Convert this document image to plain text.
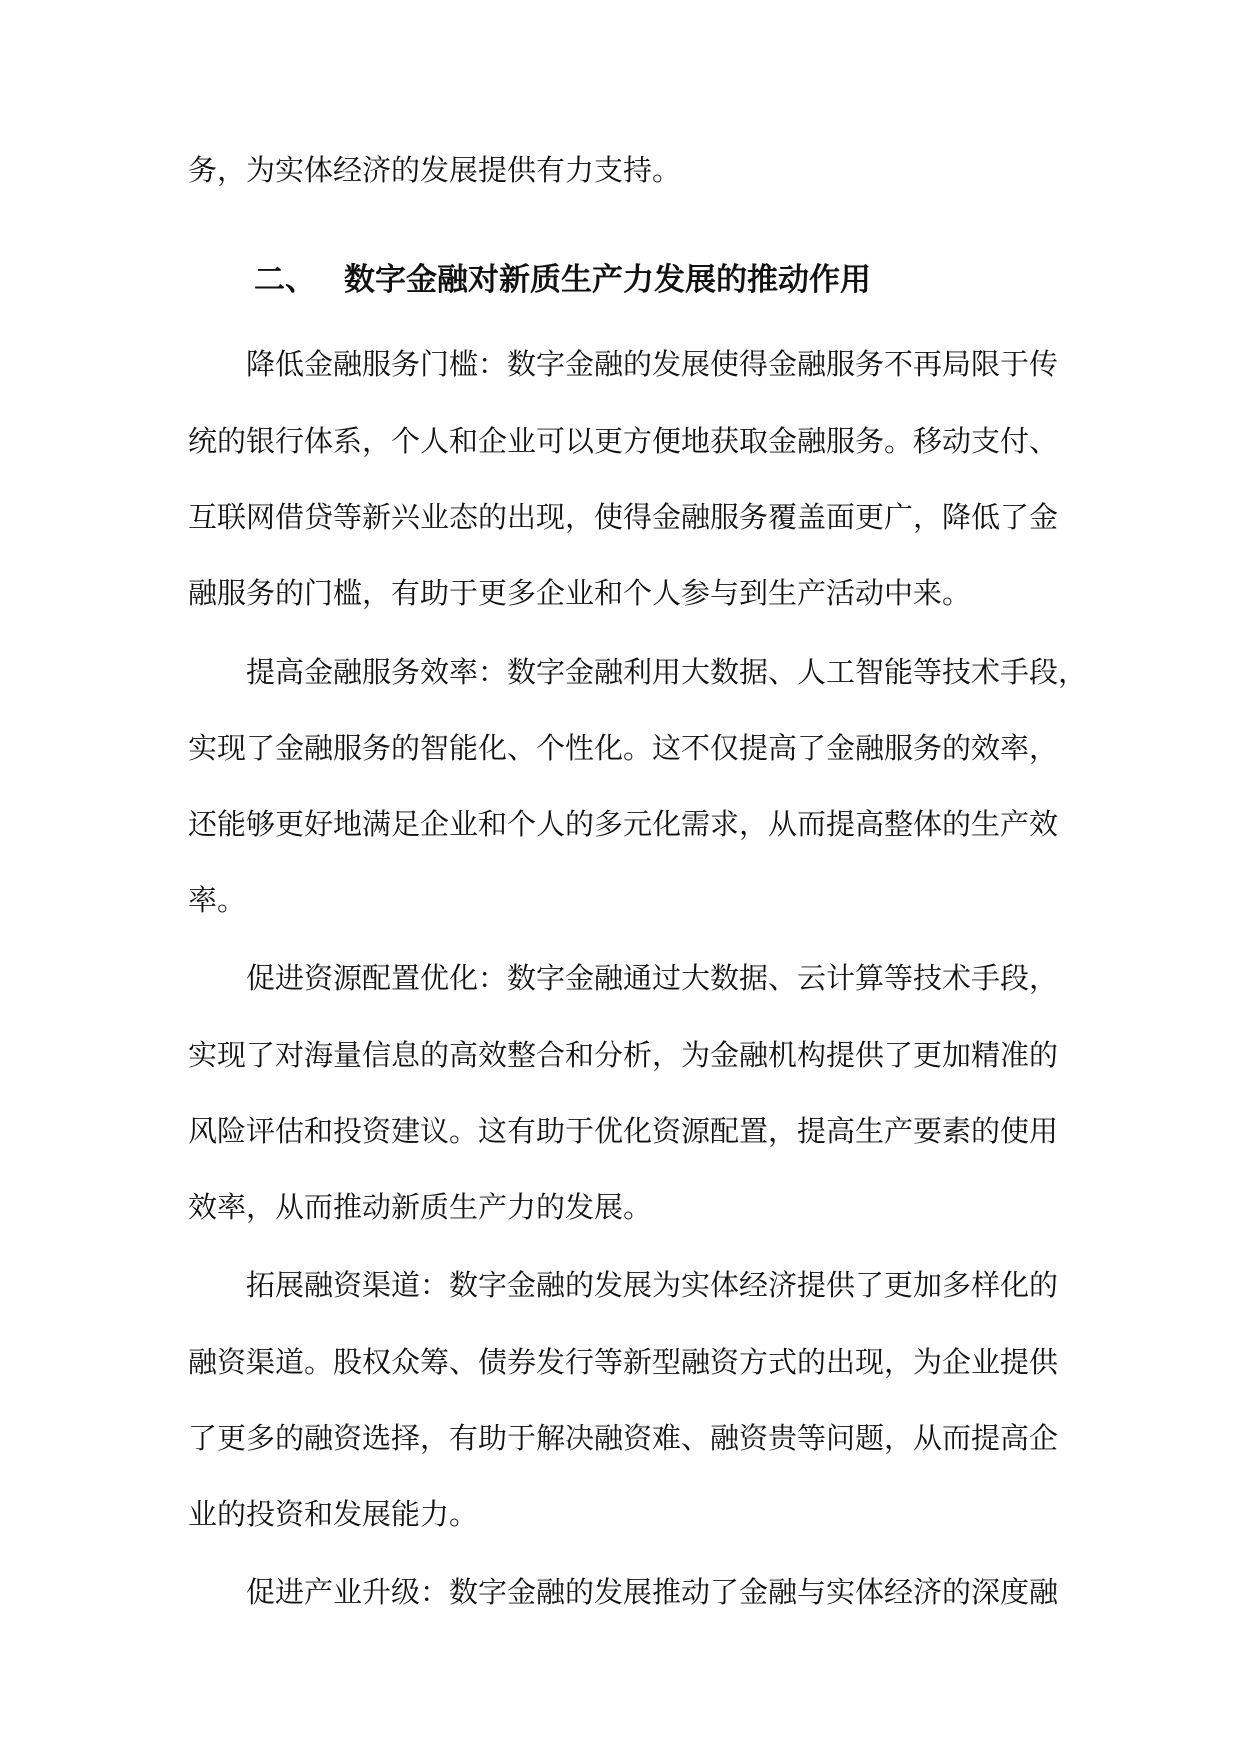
务，为实体经济的发展提供有力支持。
二、 数字金融对新质生产力发展的推动作用
降低金融服务门槛：数字金融的发展使得金融服务不再局限于传
统的银行体系，个人和企业可以更方便地获取金融服务。移动支付、
互联网借贷等新兴业态的出现，使得金融服务覆盖面更广，降低了金
融服务的门槛，有助于更多企业和个人参与到生产活动中来。
提高金融服务效率：数字金融利用大数据、人工智能等技术手段，
实现了金融服务的智能化、个性化。这不仅提高了金融服务的效率，
还能够更好地满足企业和个人的多元化需求，从而提高整体的生产效
率。
促进资源配置优化：数字金融通过大数据、云计算等技术手段，
实现了对海量信息的高效整合和分析，为金融机构提供了更加精准的
风险评估和投资建议。这有助于优化资源配置，提高生产要素的使用
效率，从而推动新质生产力的发展。
拓展融资渠道：数字金融的发展为实体经济提供了更加多样化的
融资渠道。股权众筹、债券发行等新型融资方式的出现，为企业提供
了更多的融资选择，有助于解决融资难、融资贵等问题，从而提高企
业的投资和发展能力。
促进产业升级：数字金融的发展推动了金融与实体经济的深度融
